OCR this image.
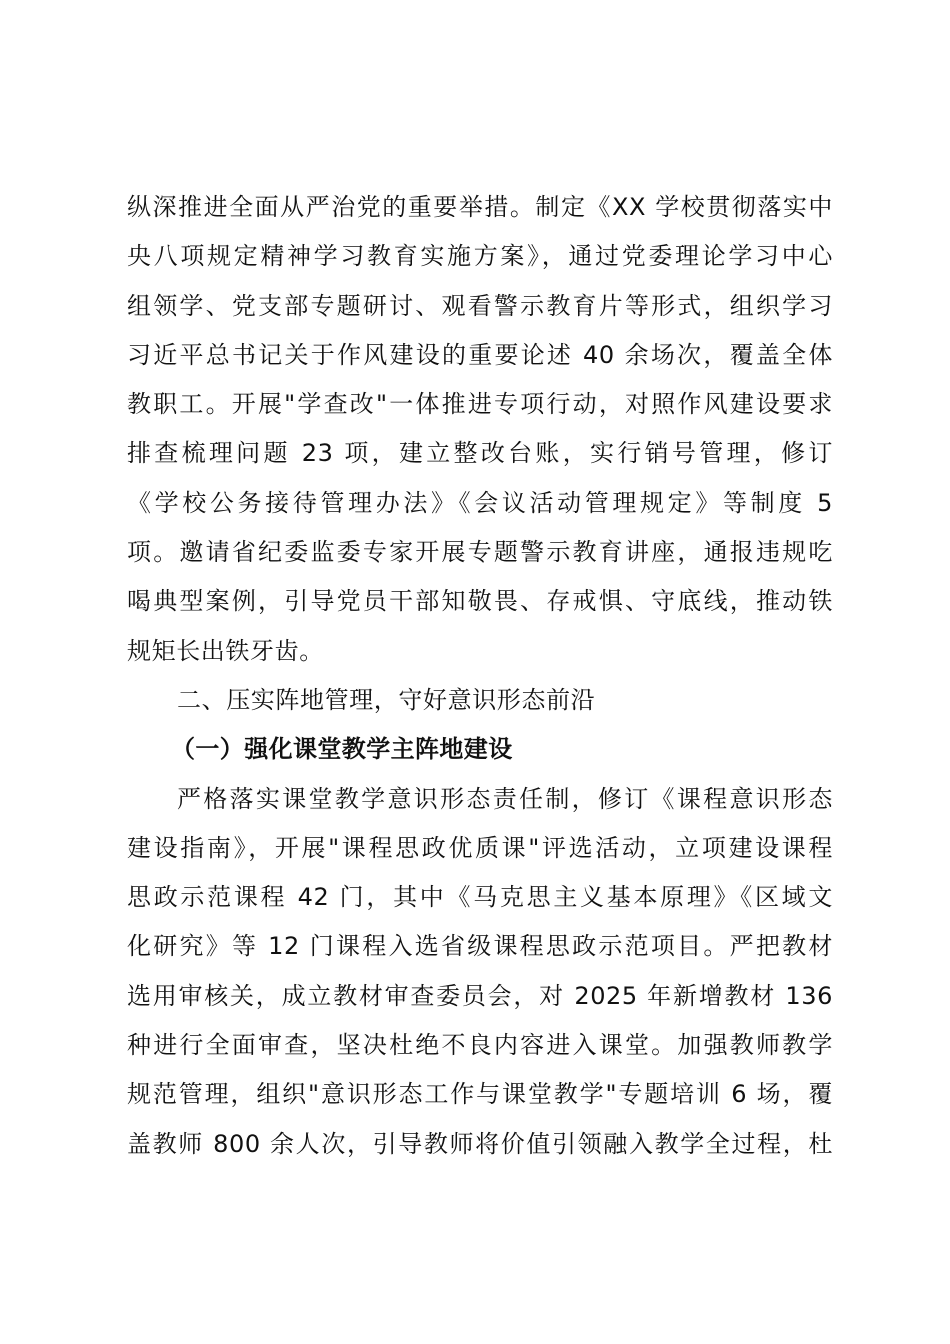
纵深推进全面从严治党的重要举措。制定《XX 学校贯彻落实中
央八项规定精神学习教育实施方案》，通过党委理论学习中心
组领学、党支部专题研讨、观看警示教育片等形式，组织学习
习近平总书记关于作风建设的重要论述 40 余场次，覆盖全体
教职工。开展"学查改"一体推进专项行动，对照作风建设要求
排查梳理问题 23 项，建立整改台账，实行销号管理，修订
《学校公务接待管理办法》《会议活动管理规定》等制度 5
项。邀请省纪委监委专家开展专题警示教育讲座，通报违规吃
喝典型案例，引导党员干部知敬畏、存戒惧、守底线，推动铁
规矩长出铁牙齿。
二、压实阵地管理，守好意识形态前沿
（一）强化课堂教学主阵地建设
严格落实课堂教学意识形态责任制，修订《课程意识形态
建设指南》，开展"课程思政优质课"评选活动，立项建设课程
思政示范课程 42 门，其中《马克思主义基本原理》《区域文
化研究》等 12 门课程入选省级课程思政示范项目。严把教材
选用审核关，成立教材审查委员会，对 2025 年新增教材 136
种进行全面审查，坚决杜绝不良内容进入课堂。加强教师教学
规范管理，组织"意识形态工作与课堂教学"专题培训 6 场，覆
盖教师 800 余人次，引导教师将价值引领融入教学全过程，杜
